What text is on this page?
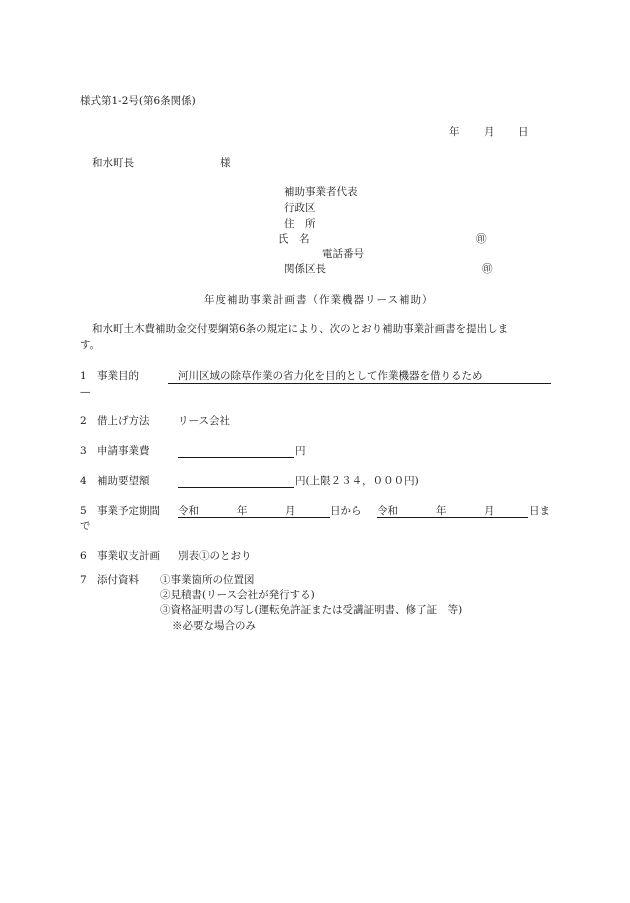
様式第1-2号(第6条関係)
年 月 日
和水町長	様
補助事業者代表
行政区
住　所
氏　名	㊞
電話番号
関係区長	㊞
年度補助事業計画書（作業機器リース補助）
和水町土木費補助金交付要綱第6条の規定により、次のとおり補助事業計画書を提出しま
す。
1 事業目的	河川区域の除草作業の省力化を目的として作業機器を借りるため
—
2 借上げ方法	リース会社
3 申請事業費	円
4 補助要望額	円(上限２３４，０００円)
5 事業予定期間 令和	年	月	日から 令和	年	月	日ま
で
6 事業収支計画 別表①のとおり
7 添付資料 ①事業箇所の位置図
②見積書(リース会社が発行する)
③資格証明書の写し(運転免許証または受講証明書、修了証　等)
※必要な場合のみ
